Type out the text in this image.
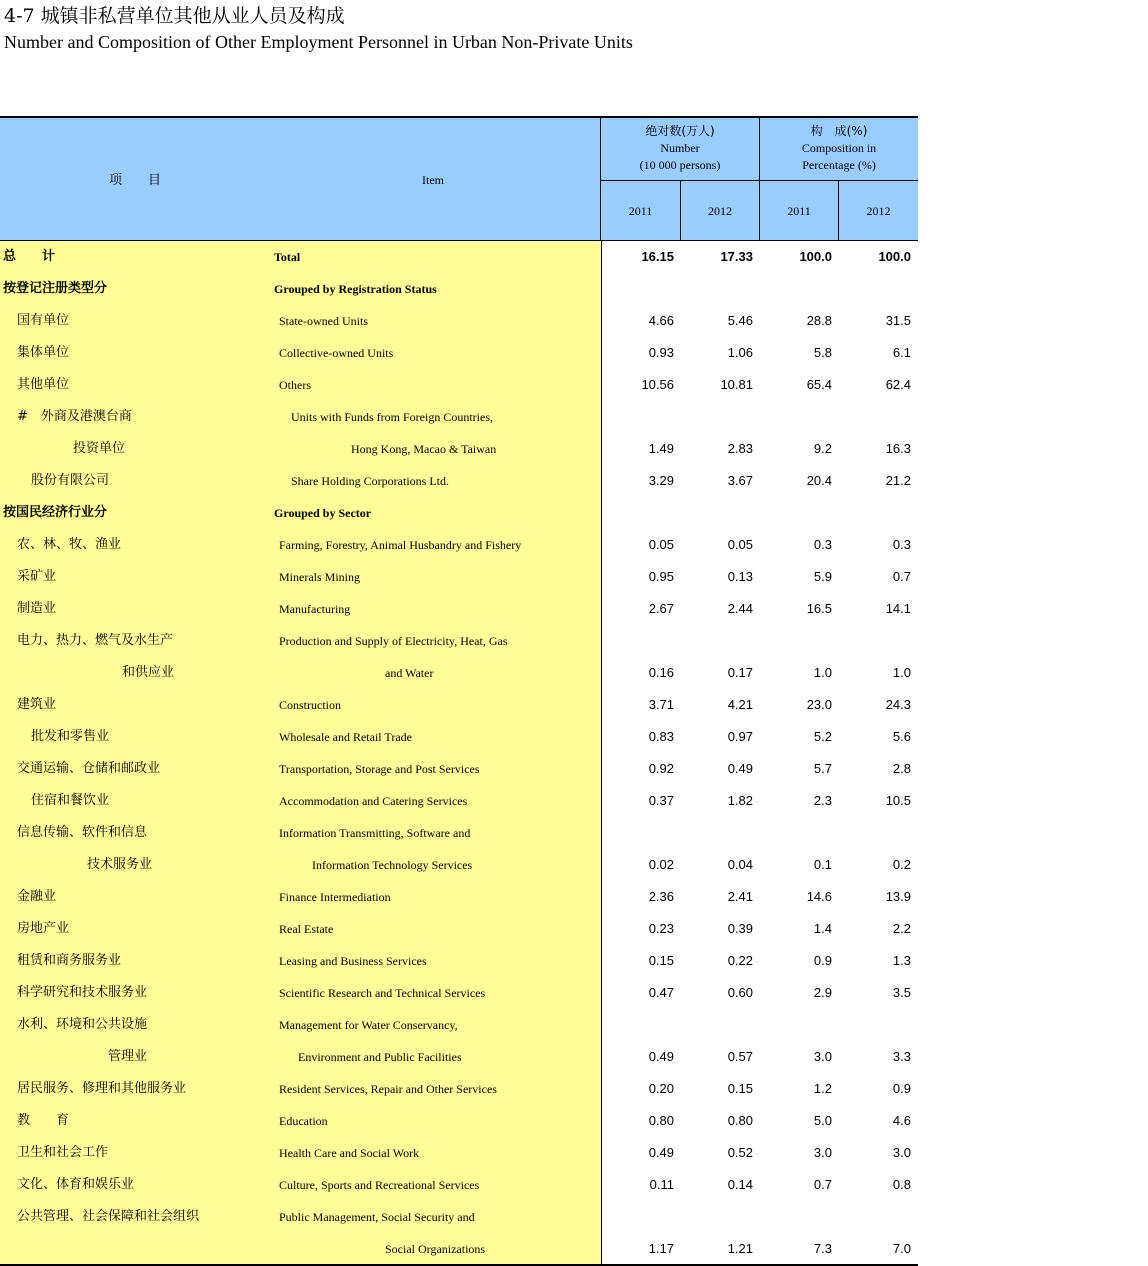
4-7 城镇非私营单位其他从业人员及构成
Number and Composition of Other Employment Personnel in Urban Non-Private Units
项　　目	Item
绝对数(万人)
Number
(10 000 persons)
构　成(%)
Composition in
Percentage (%)
2011	2012	2011	2012
总　　计	Total	16.15	17.33	100.0	100.0
按登记注册类型分	Grouped by Registration Status
国有单位	State-owned Units	4.66	5.46	28.8	31.5
集体单位	Collective-owned Units	0.93	1.06	5.8	6.1
其他单位	Others	10.56	10.81	65.4	62.4
#　外商及港澳台商	Units with Funds from Foreign Countries,
投资单位	Hong Kong, Macao & Taiwan	1.49	2.83	9.2	16.3
股份有限公司	Share Holding Corporations Ltd.	3.29	3.67	20.4	21.2
按国民经济行业分	Grouped by Sector
农、林、牧、渔业	Farming, Forestry, Animal Husbandry and Fishery	0.05	0.05	0.3	0.3
采矿业	Minerals Mining	0.95	0.13	5.9	0.7
制造业	Manufacturing	2.67	2.44	16.5	14.1
电力、热力、燃气及水生产	Production and Supply of Electricity, Heat, Gas
和供应业	and Water	0.16	0.17	1.0	1.0
建筑业	Construction	3.71	4.21	23.0	24.3
批发和零售业	Wholesale and Retail Trade	0.83	0.97	5.2	5.6
交通运输、仓储和邮政业	Transportation, Storage and Post Services	0.92	0.49	5.7	2.8
住宿和餐饮业	Accommodation and Catering Services	0.37	1.82	2.3	10.5
信息传输、软件和信息	Information Transmitting, Software and
技术服务业	Information Technology Services	0.02	0.04	0.1	0.2
金融业	Finance Intermediation	2.36	2.41	14.6	13.9
房地产业	Real Estate	0.23	0.39	1.4	2.2
租赁和商务服务业	Leasing and Business Services	0.15	0.22	0.9	1.3
科学研究和技术服务业	Scientific Research and Technical Services	0.47	0.60	2.9	3.5
水利、环境和公共设施	Management for Water Conservancy,
管理业	Environment and Public Facilities	0.49	0.57	3.0	3.3
居民服务、修理和其他服务业	Resident Services, Repair and Other Services	0.20	0.15	1.2	0.9
教　　育	Education	0.80	0.80	5.0	4.6
卫生和社会工作	Health Care and Social Work	0.49	0.52	3.0	3.0
文化、体育和娱乐业	Culture, Sports and Recreational Services	0.11	0.14	0.7	0.8
公共管理、社会保障和社会组织	Public Management, Social Security and
Social Organizations	1.17	1.21	7.3	7.0
